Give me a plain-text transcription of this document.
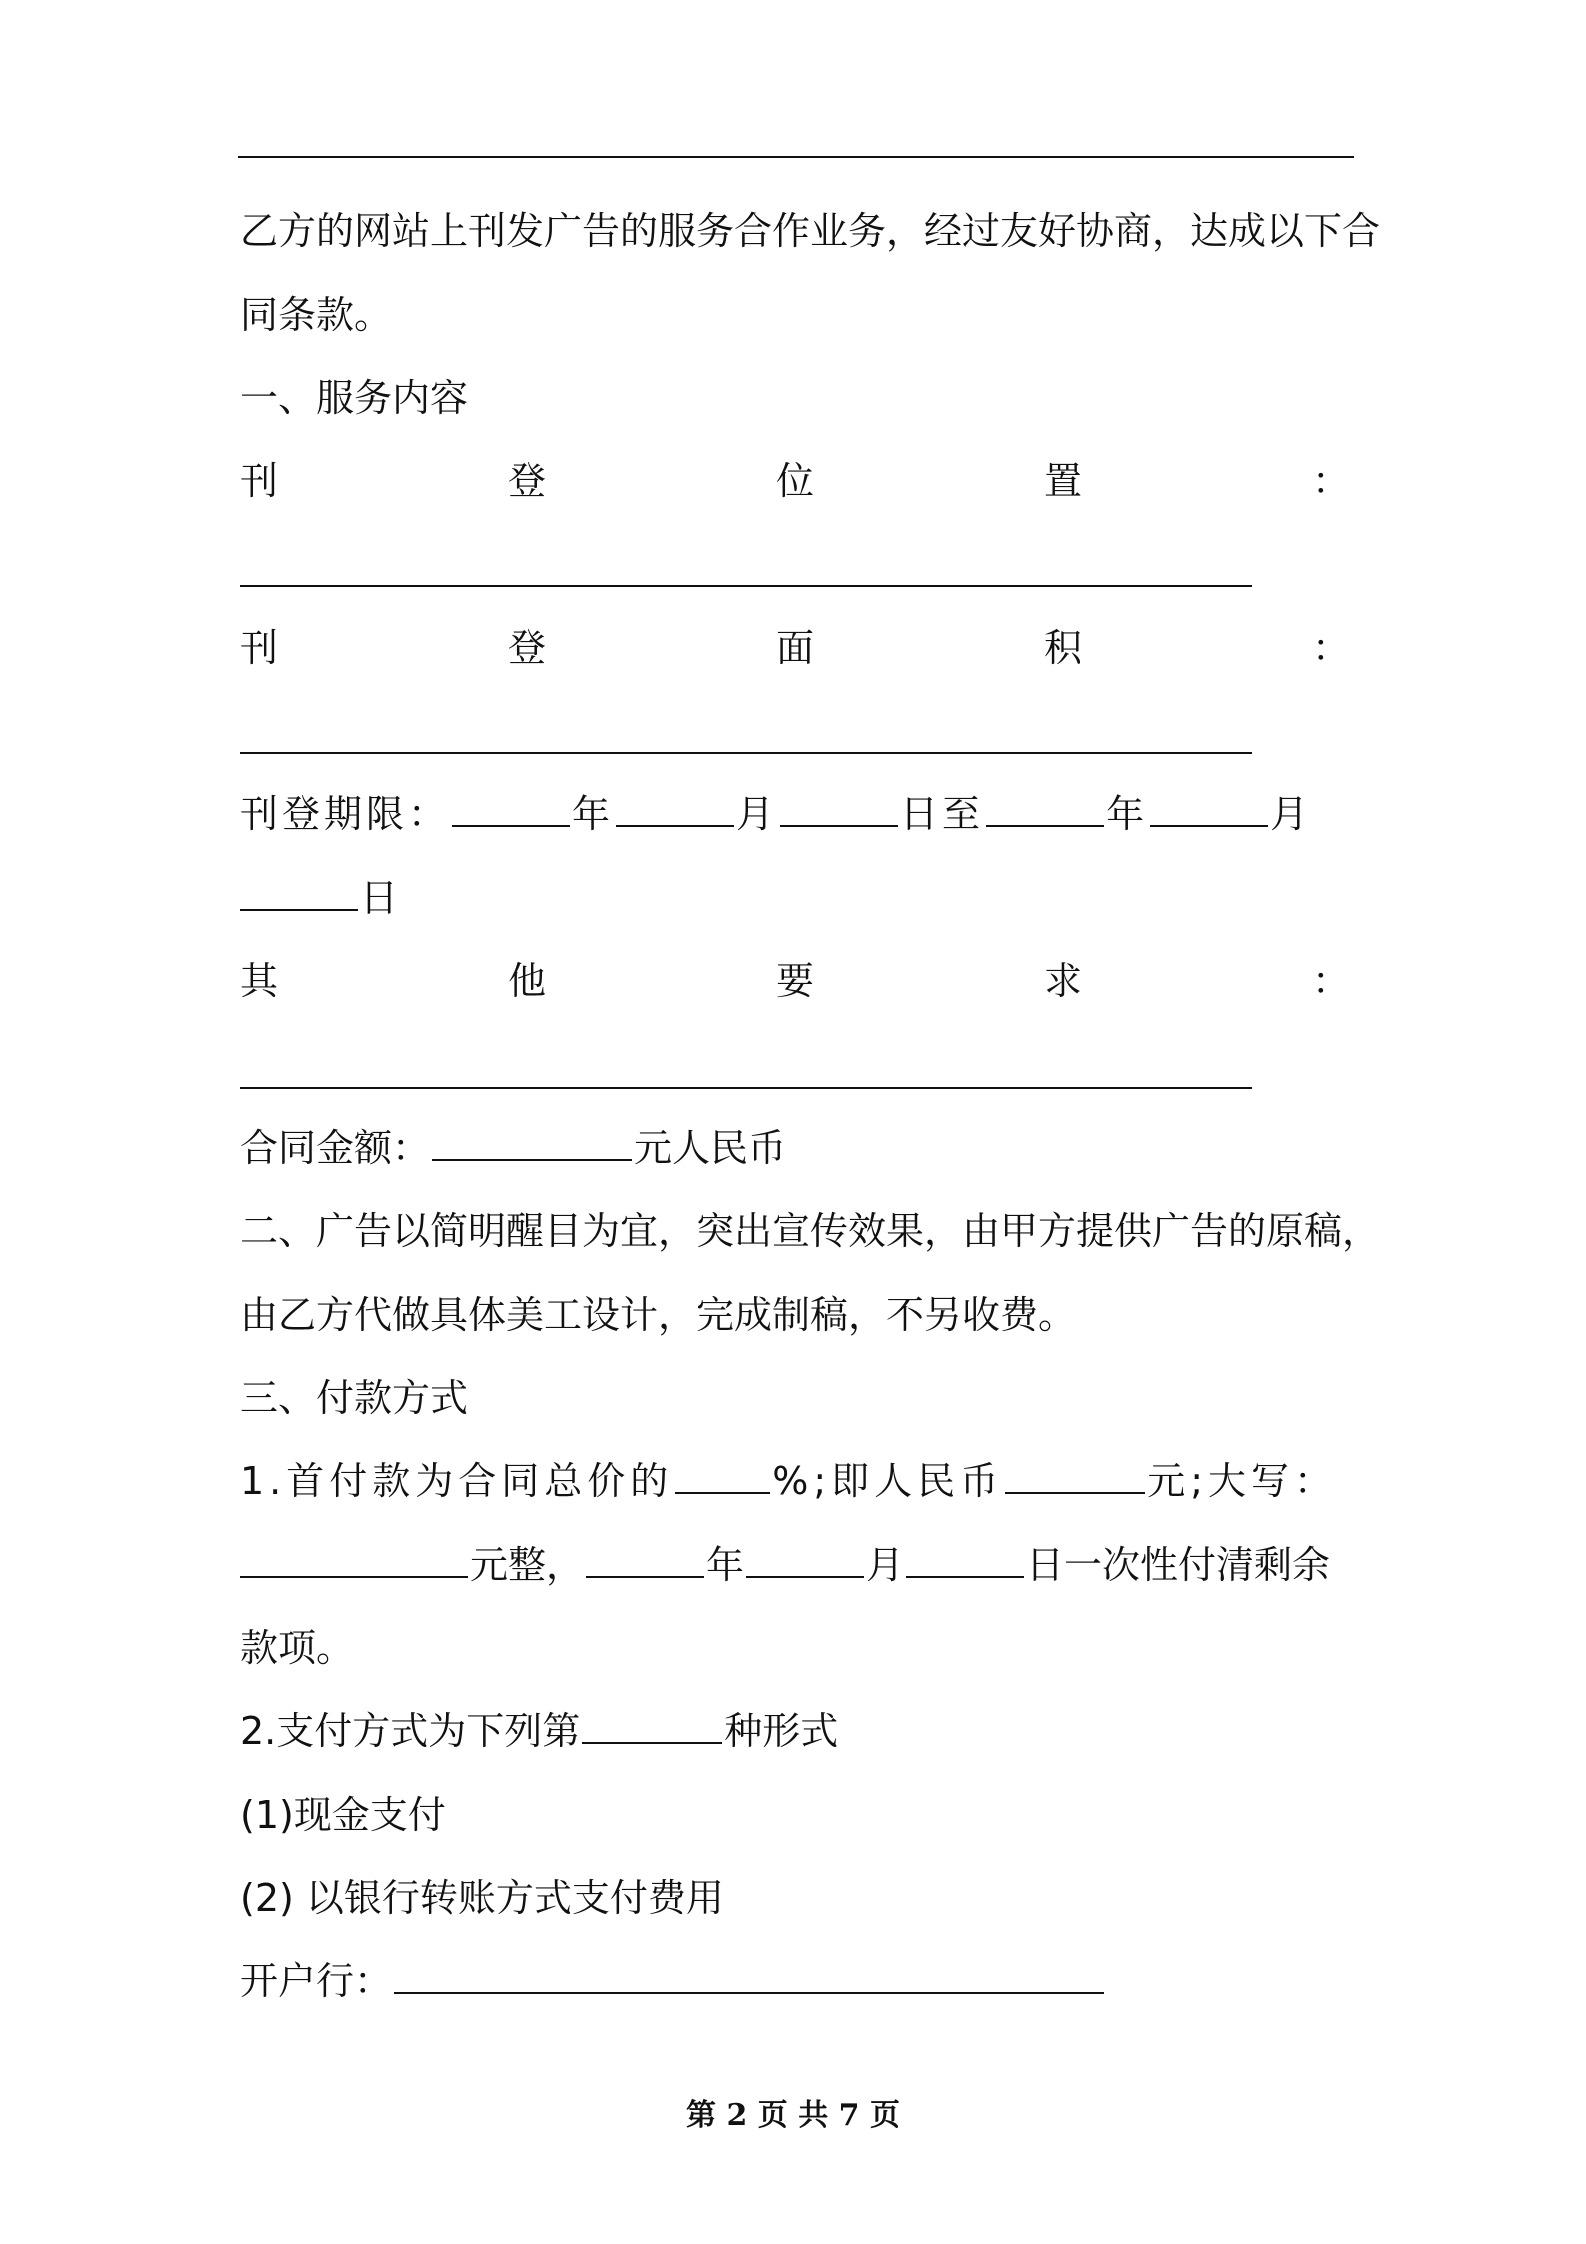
乙方的网站上刊发广告的服务合作业务，经过友好协商，达成以下合
同条款。
一、服务内容
刊	登	位	置	：
刊	登	面	积	：
刊登期限：	年	月	日至	年	月
日
其	他	要	求	：
合同金额：	元人民币
二、广告以简明醒目为宜，突出宣传效果，由甲方提供广告的原稿，
由乙方代做具体美工设计，完成制稿，不另收费。
三、付款方式
1.首付款为合同总价的	%;即人民币	元;大写：
元整，	年	月	日一次性付清剩余
款项。
2.支付方式为下列第	种形式
(1)现金支付
(2) 以银行转账方式支付费用
开户行：
第 2 页 共 7 页
